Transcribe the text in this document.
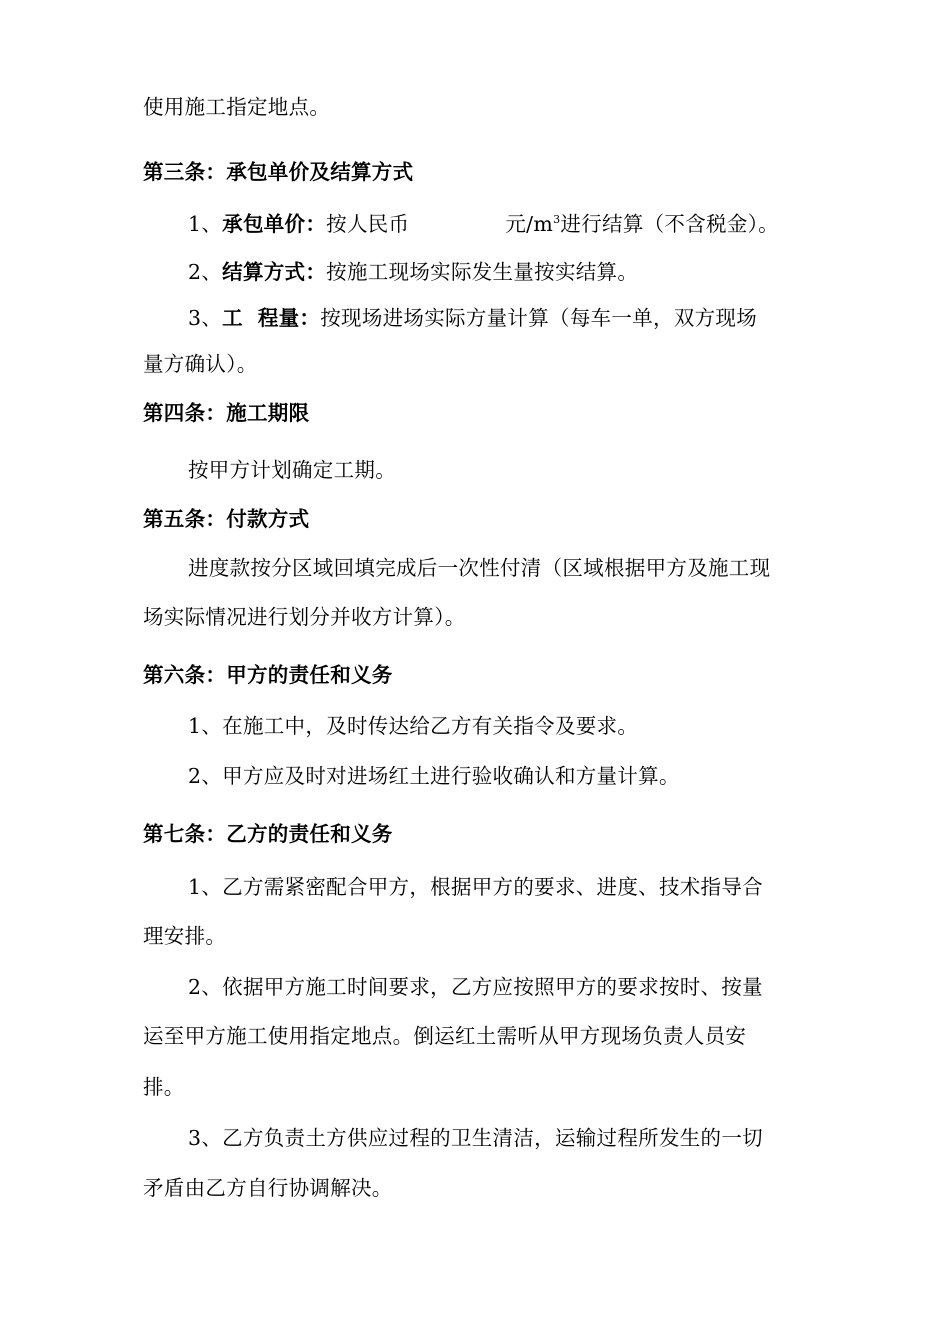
使用施工指定地点。
第三条：承包单价及结算方式
1、承包单价：按人民币	元$/m^3$进行结算（不含税金）。
2、结算方式：按施工现场实际发生量按实结算。
3、工  程量：按现场进场实际方量计算（每车一单，双方现场
量方确认）。
第四条：施工期限
按甲方计划确定工期。
第五条：付款方式
进度款按分区域回填完成后一次性付清（区域根据甲方及施工现
场实际情况进行划分并收方计算）。
第六条：甲方的责任和义务
1、在施工中，及时传达给乙方有关指令及要求。
2、甲方应及时对进场红土进行验收确认和方量计算。
第七条：乙方的责任和义务
1、乙方需紧密配合甲方，根据甲方的要求、进度、技术指导合
理安排。
2、依据甲方施工时间要求，乙方应按照甲方的要求按时、按量
运至甲方施工使用指定地点。倒运红土需听从甲方现场负责人员安
排。
3、乙方负责土方供应过程的卫生清洁，运输过程所发生的一切
矛盾由乙方自行协调解决。
